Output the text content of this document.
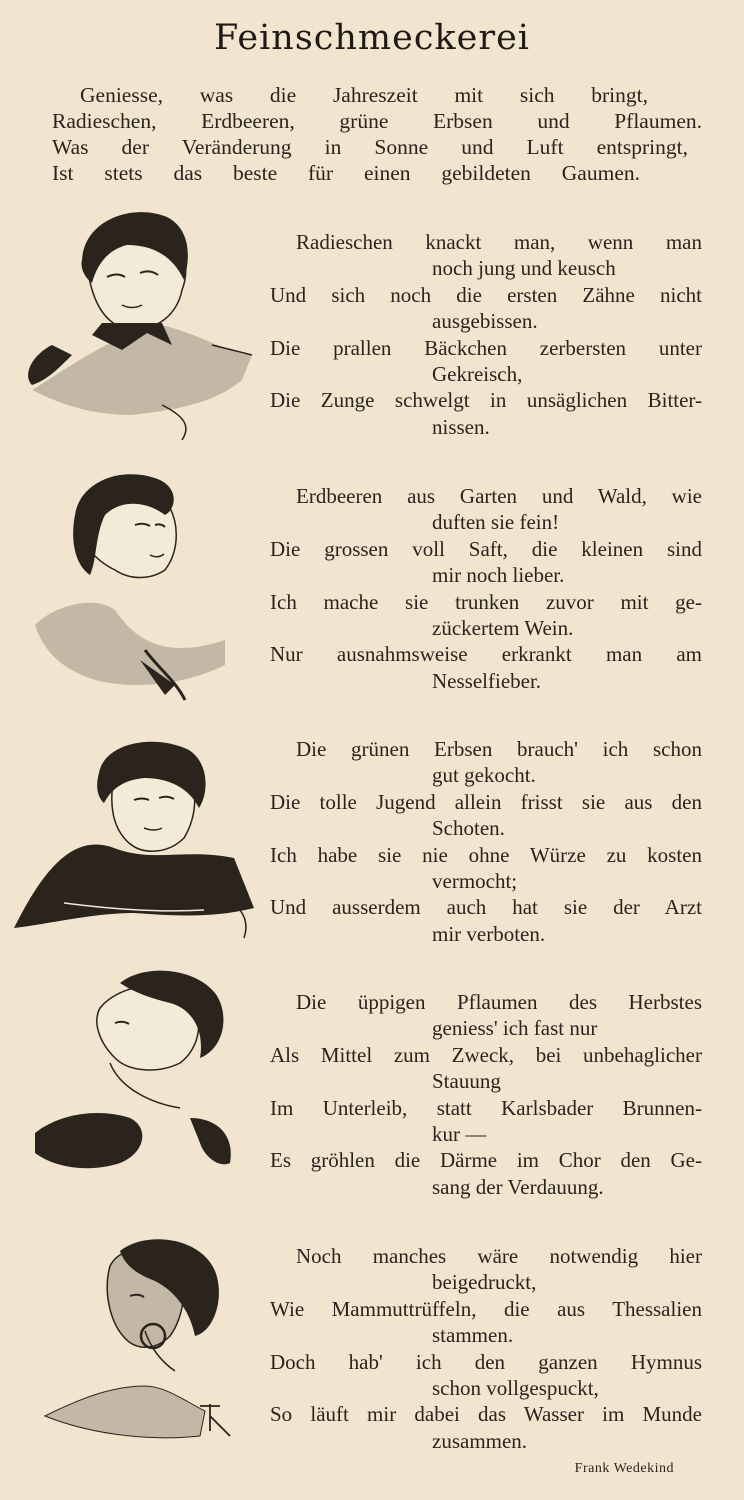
Feinschmeckerei
Geniesse, was die Jahreszeit mit sich bringt,
Radieschen, Erdbeeren, grüne Erbsen und Pflaumen.
Was der Veränderung in Sonne und Luft entspringt,
Ist stets das beste für einen gebildeten Gaumen.
Radieschen knackt man, wenn man
noch jung und keusch
Und sich noch die ersten Zähne nicht
ausgebissen.
Die prallen Bäckchen zerbersten unter
Gekreisch,
Die Zunge schwelgt in unsäglichen Bitter-
nissen.
Erdbeeren aus Garten und Wald, wie
duften sie fein!
Die grossen voll Saft, die kleinen sind
mir noch lieber.
Ich mache sie trunken zuvor mit ge-
zückertem Wein.
Nur ausnahmsweise erkrankt man am
Nesselfieber.
Die grünen Erbsen brauch' ich schon
gut gekocht.
Die tolle Jugend allein frisst sie aus den
Schoten.
Ich habe sie nie ohne Würze zu kosten
vermocht;
Und ausserdem auch hat sie der Arzt
mir verboten.
Die üppigen Pflaumen des Herbstes
geniess' ich fast nur
Als Mittel zum Zweck, bei unbehaglicher
Stauung
Im Unterleib, statt Karlsbader Brunnen-
kur —
Es gröhlen die Därme im Chor den Ge-
sang der Verdauung.
Noch manches wäre notwendig hier
beigedruckt,
Wie Mammuttrüffeln, die aus Thessalien
stammen.
Doch hab' ich den ganzen Hymnus
schon vollgespuckt,
So läuft mir dabei das Wasser im Munde
zusammen.
Frank Wedekind
